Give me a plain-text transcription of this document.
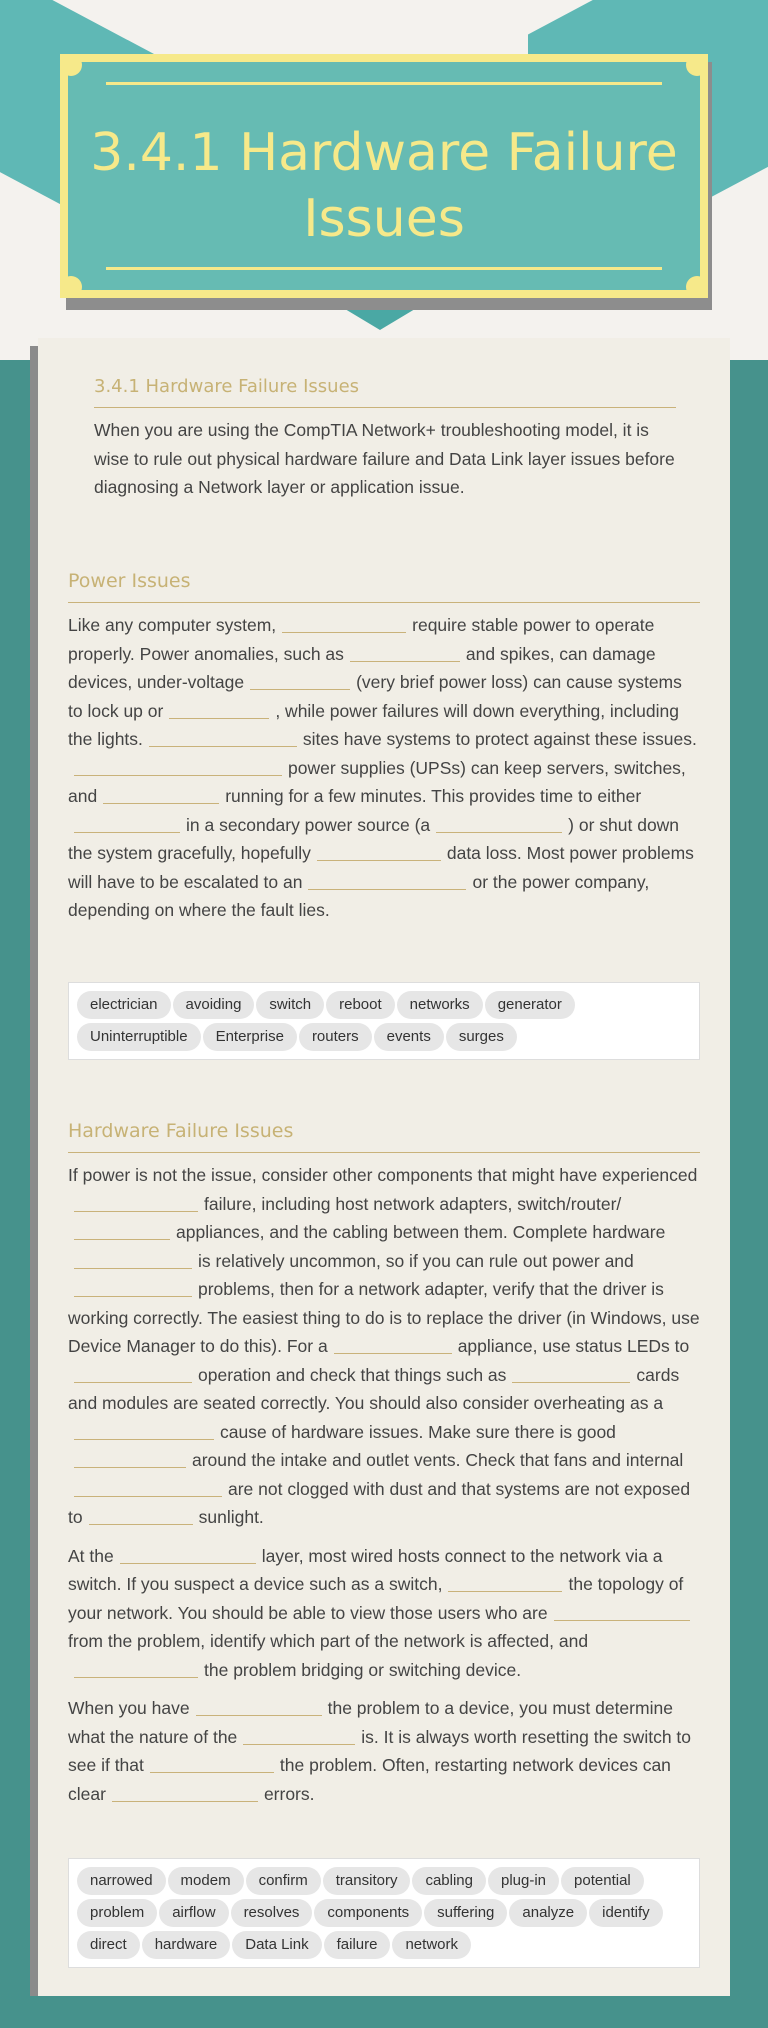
3.4.1 Hardware Failure Issues
3.4.1 Hardware Failure Issues
When you are using the CompTIA Network+ troubleshooting model, it is wise to rule out physical hardware failure and Data Link layer issues before diagnosing a Network layer or application issue.
Power Issues
Like any computer system,	require stable power to operate properly. Power anomalies, such as	and spikes, can damage devices, under-voltage	(very brief power loss) can cause systems to lock up or	, while power failures will down everything, including the lights.	sites have systems to protect against these issues.power supplies (UPSs) can keep servers, switches, and	running for a few minutes. This provides time to eitherin a secondary power source (a	) or shut down the system gracefully, hopefully	data loss. Most power problems will have to be escalated to an	or the power company, depending on where the fault lies.
electrician avoiding switch reboot networks generatorUninterruptible Enterprise routers events surges
Hardware Failure Issues
If power is not the issue, consider other components that might have experiencedfailure, including host network adapters, switch/router/appliances, and the cabling between them. Complete hardwareis relatively uncommon, so if you can rule out power andproblems, then for a network adapter, verify that the driver is working correctly. The easiest thing to do is to replace the driver (in Windows, use Device Manager to do this). For a	appliance, use status LEDs tooperation and check that things such as	cards and modules are seated correctly. You should also consider overheating as acause of hardware issues. Make sure there is goodaround the intake and outlet vents. Check that fans and internalare not clogged with dust and that systems are not exposed to	sunlight.
At the	layer, most wired hosts connect to the network via a switch. If you suspect a device such as a switch,	the topology of your network. You should be able to view those users who arefrom the problem, identify which part of the network is affected, andthe problem bridging or switching device.
When you have	the problem to a device, you must determine what the nature of the	is. It is always worth resetting the switch to see if that	the problem. Often, restarting network devices can clear	errors.
narrowed modem confirm transitory cabling plug-in potentialproblem airflow resolves components suffering analyze identifydirect hardware Data Link failure network
